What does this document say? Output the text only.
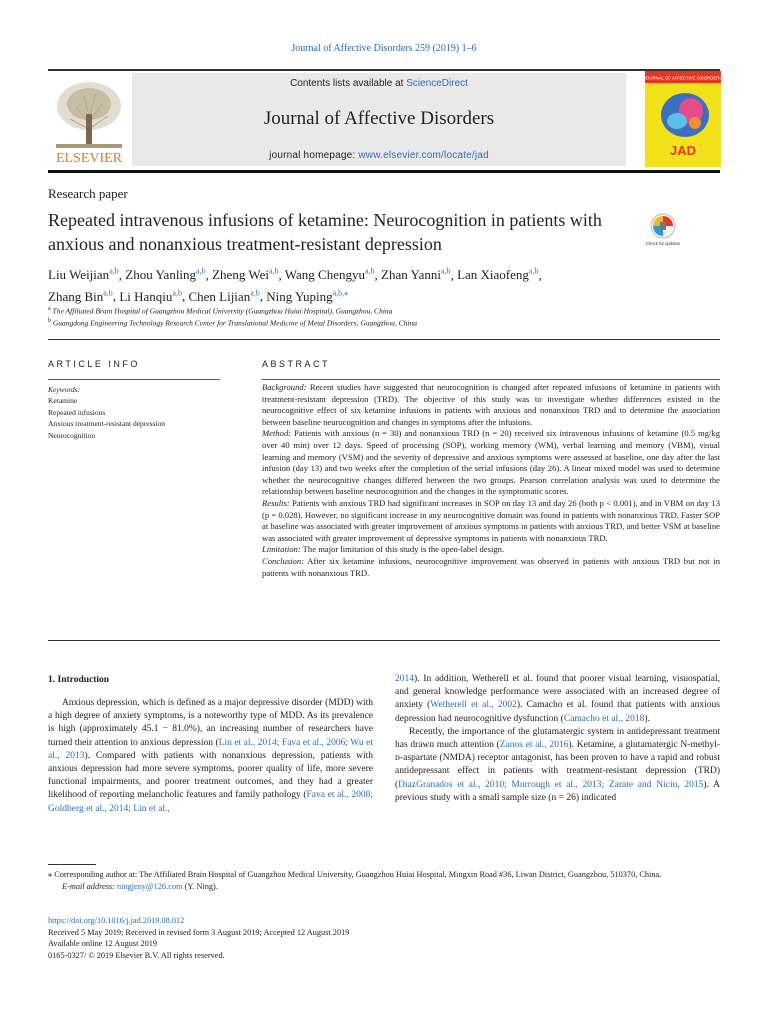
Journal of Affective Disorders 259 (2019) 1–6
ELSEVIER
Contents lists available at ScienceDirect
Journal of Affective Disorders
journal homepage: www.elsevier.com/locate/jad
JOURNAL OF AFFECTIVE DISORDERS
JAD
Research paper
Repeated intravenous infusions of ketamine: Neurocognition in patients with anxious and nonanxious treatment-resistant depression	Check for updates
Liu Weijian$^{a,b}$, Zhou Yanling$^{a,b}$, Zheng Wei$^{a,b}$, Wang Chengyu$^{a,b}$, Zhan Yanni$^{a,b}$, Lan Xiaofeng$^{a,b}$,
Zhang Bin$^{a,b}$, Li Hanqiu$^{a,b}$, Chen Lijian$^{a,b}$, Ning Yuping$^{a,b,⁎}$
$^a$ The Affiliated Brain Hospital of Guangzhou Medical University (Guangzhou Huiai Hospital), Guangzhou, China
$^b$ Guangdong Engineering Technology Research Center for Translational Medicine of Metal Disorders, Guangzhou, China
ARTICLE INFO	ABSTRACT
Keywords:
Ketamine
Repeated infusions
Anxious treatment-resistant depression
Neurocognition

Background: Recent studies have suggested that neurocognition is changed after repeated infusions of ketamine in patients with treatment-resistant depression (TRD). The objective of this study was to investigate whether differences existed in the neurocognitive effect of six ketamine infusions in patients with anxious and nonanxious TRD and to determine the association between baseline neurocognition and changes in symptoms after the infusions.

Method: Patients with anxious (n = 30) and nonanxious TRD (n = 20) received six intravenous infusions of ketamine (0.5 mg/kg over 40 min) over 12 days. Speed of processing (SOP), working memory (WM), verbal learning and memory (VBM), visual learning and memory (VSM) and the severity of depressive and anxious symptoms were assessed at baseline, one day after the last infusion (day 13) and two weeks after the completion of the serial infusions (day 26). A linear mixed model was used to determine whether the neurocognitive changes differed between the two groups. Pearson correlation analysis was used to determine the relationship between baseline neurocognition and the changes in the symptomatic scores.

Results: Patients with anxious TRD had significant increases in SOP on day 13 and day 26 (both p < 0.001), and in VBM on day 13 (p = 0.028). However, no significant increase in any neurocognitive domain was found in patients with nonanxious TRD. Faster SOP at baseline was associated with greater improvement of anxious symptoms in patients with anxious TRD, and better VSM at baseline was associated with greater improvement of depressive symptoms in patients with nonanxious TRD.

Limitation: The major limitation of this study is the open-label design.

Conclusion: After six ketamine infusions, neurocognitive improvement was observed in patients with anxious TRD but not in patients with nonanxious TRD.

1. Introduction

Anxious depression, which is defined as a major depressive disorder (MDD) with a high degree of anxiety symptoms, is a noteworthy type of MDD. As its prevalence is high (approximately 45.1 − 81.0%), an increasing number of researchers have turned their attention to anxious depression (Lin et al., 2014; Fava et al., 2006; Wu et al., 2013). Compared with patients with nonanxious depression, patients with anxious depression had more severe symptoms, poorer quality of life, more severe functional impairments, and poorer treatment outcomes, and they had a greater likelihood of reporting melancholic features and family pathology (Fava et al., 2008; Goldberg et al., 2014; Lin et al.,

2014). In addition, Wetherell et al. found that poorer visual learning, visuospatial, and general knowledge performance were associated with an increased degree of anxiety (Wetherell et al., 2002). Camacho et al. found that patients with anxious depression had neurocognitive dysfunction (Camacho et al., 2018).

Recently, the importance of the glutamatergic system in antidepressant treatment has drawn much attention (Zanos et al., 2016). Ketamine, a glutamatergic N-methyl-ᴅ-aspartate (NMDA) receptor antagonist, has been proven to have a rapid and robust antidepressant effect in patients with treatment-resistant depression (TRD) (DiazGranados et al., 2010; Murrough et al., 2013; Zarate and Niciu, 2015). A previous study with a small sample size (n = 26) indicated

⁎ Corresponding author at: The Affiliated Brain Hospital of Guangzhou Medical University, Guangzhou Huiai Hospital, Mingxin Road #36, Liwan District, Guangzhou, 510370, China.

E-mail address: ningjeny@126.com (Y. Ning).

https://doi.org/10.1016/j.jad.2019.08.012

Received 5 May 2019; Received in revised form 3 August 2019; Accepted 12 August 2019

Available online 12 August 2019

0165-0327/ © 2019 Elsevier B.V. All rights reserved.
